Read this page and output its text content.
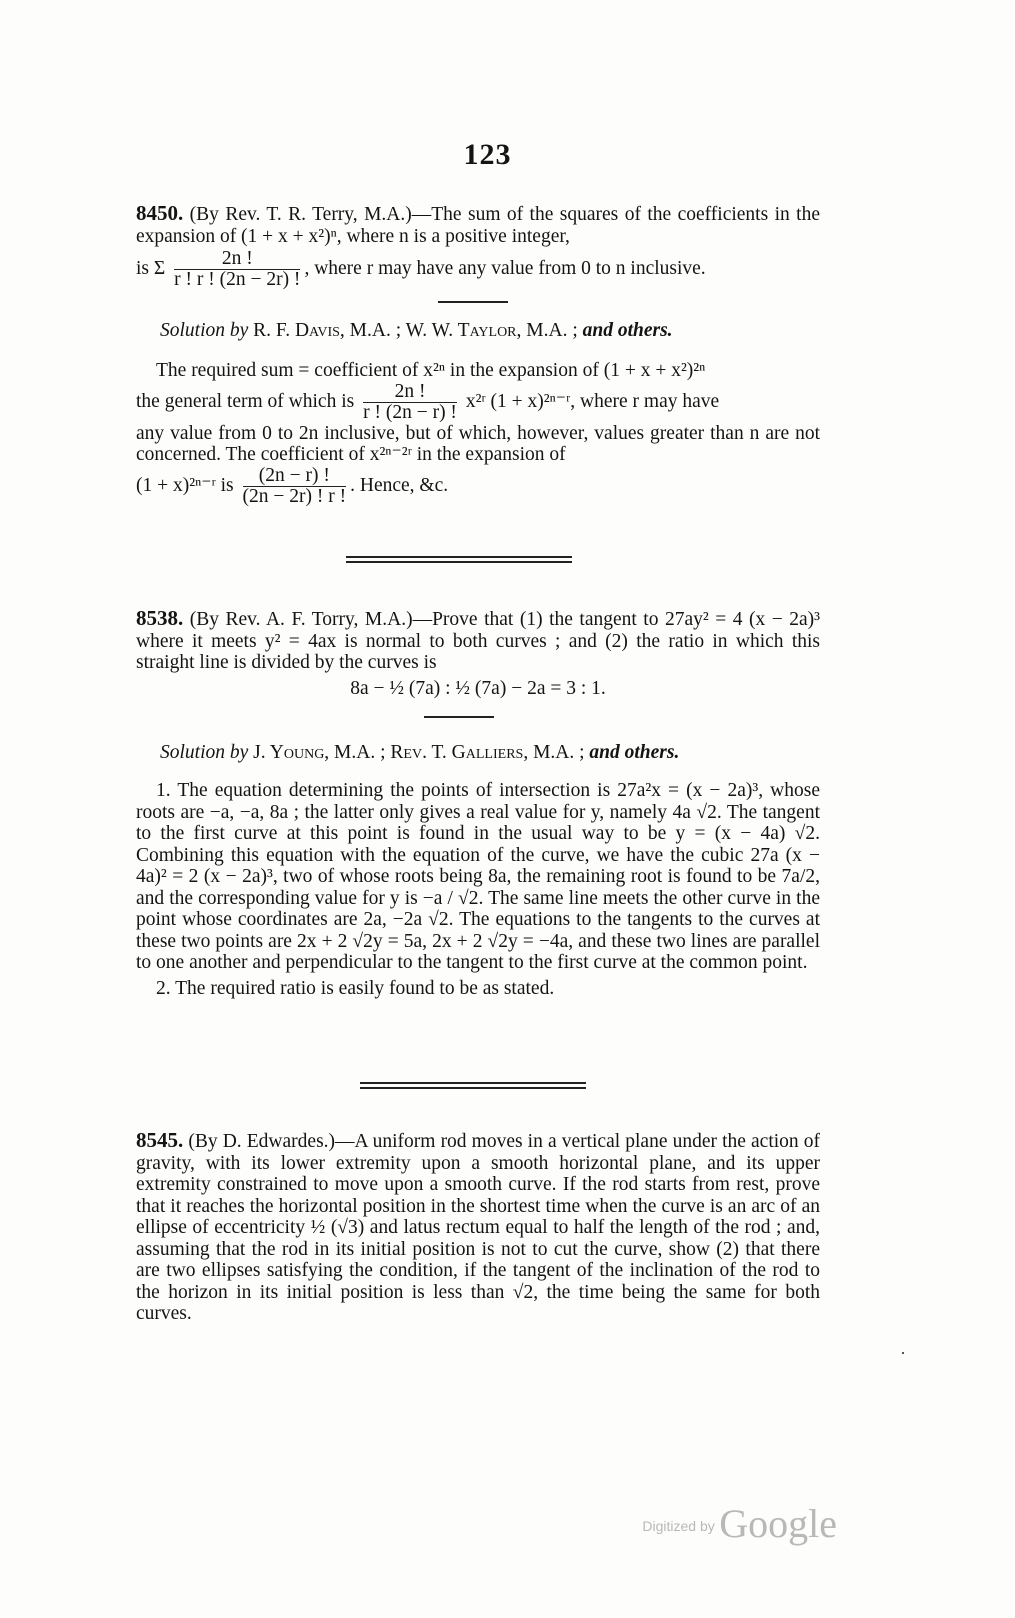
123

8450. (By Rev. T. R. Terry, M.A.)—The sum of the squares of the coefficients in the expansion of (1 + x + x²)ⁿ, where n is a positive integer,

is Σ $\frac{2n !}{r ! r ! (2n - 2r) !}$ , where r may have any value from 0 to n inclusive.

Solution by R. F. Davis, M.A. ; W. W. Taylor, M.A. ; and others.

The required sum = coefficient of x²ⁿ in the expansion of (1 + x + x²)²ⁿ

the general term of which is $\frac{2n !}{r ! (2n - r) !}$ x²ʳ (1 + x)²ⁿ⁻ʳ, where r may have

any value from 0 to 2n inclusive, but of which, however, values greater than n are not concerned. The coefficient of x²ⁿ⁻²ʳ in the expansion of

(1 + x)²ⁿ⁻ʳ is $\frac{(2n - r) !}{(2n - 2r) ! r !}$ . Hence, &c.

8538. (By Rev. A. F. Torry, M.A.)—Prove that (1) the tangent to 27ay² = 4 (x − 2a)³ where it meets y² = 4ax is normal to both curves ; and (2) the ratio in which this straight line is divided by the curves is

8a − ½ (7a) : ½ (7a) − 2a = 3 : 1.

Solution by J. Young, M.A. ; Rev. T. Galliers, M.A. ; and others.

1. The equation determining the points of intersection is 27a²x = (x − 2a)³, whose roots are −a, −a, 8a ; the latter only gives a real value for y, namely 4a √2. The tangent to the first curve at this point is found in the usual way to be y = (x − 4a) √2. Combining this equation with the equation of the curve, we have the cubic 27a (x − 4a)² = 2 (x − 2a)³, two of whose roots being 8a, the remaining root is found to be 7a/2, and the corresponding value for y is −a / √2. The same line meets the other curve in the point whose coordinates are 2a, −2a √2. The equations to the tangents to the curves at these two points are 2x + 2 √2y = 5a, 2x + 2 √2y = −4a, and these two lines are parallel to one another and perpendicular to the tangent to the first curve at the common point.

2. The required ratio is easily found to be as stated.

8545. (By D. Edwardes.)—A uniform rod moves in a vertical plane under the action of gravity, with its lower extremity upon a smooth horizontal plane, and its upper extremity constrained to move upon a smooth curve. If the rod starts from rest, prove that it reaches the horizontal position in the shortest time when the curve is an arc of an ellipse of eccentricity ½ (√3) and latus rectum equal to half the length of the rod ; and, assuming that the rod in its initial position is not to cut the curve, show (2) that there are two ellipses satisfying the condition, if the tangent of the inclination of the rod to the horizon in its initial position is less than √2, the time being the same for both curves.

Digitized by Google
